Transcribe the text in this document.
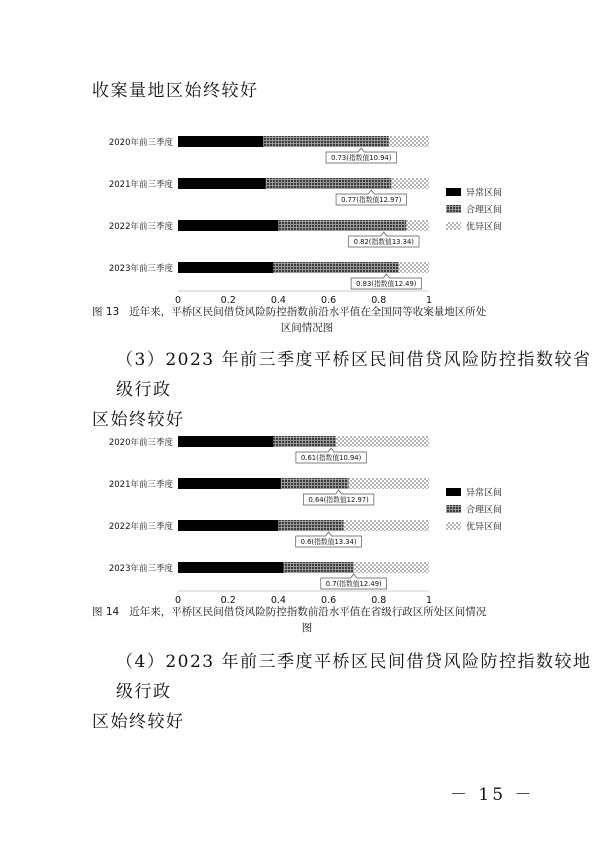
收案量地区始终较好
2020年前三季度
0.73(指数值10.94)
2021年前三季度
0.77(指数值12.97)
2022年前三季度
0.82(指数值13.34)
2023年前三季度
0.83(指数值12.49)
0	0.2	0.4	0.6	0.8	1
异常区间
合理区间
优异区间
图 13 近年来，平桥区民间借贷风险防控指数前沿水平值在全国同等收案量地区所处
区间情况图
（3）2023 年前三季度平桥区民间借贷风险防控指数较省级行政
区始终较好
2020年前三季度
0.61(指数值10.94)
2021年前三季度
0.64(指数值12.97)
2022年前三季度
0.6(指数值13.34)
2023年前三季度
0.7(指数值12.49)
0	0.2	0.4	0.6	0.8	1
异常区间
合理区间
优异区间
图 14 近年来，平桥区民间借贷风险防控指数前沿水平值在省级行政区所处区间情况
图
（4）2023 年前三季度平桥区民间借贷风险防控指数较地级行政
区始终较好
－ 15 －
